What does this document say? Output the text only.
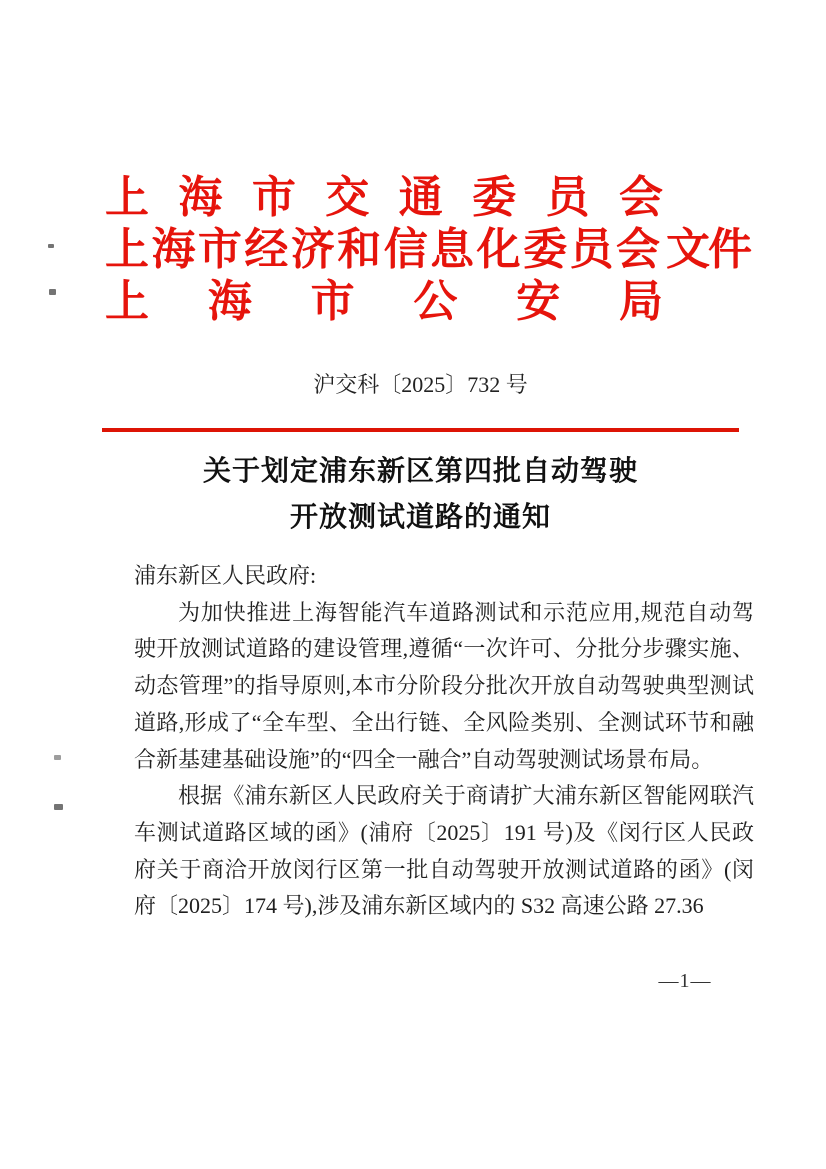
上 海 市 交 通 委 员 会
上 海 市 经 济 和 信 息 化 委 员 会 文件
上 海 市 公 安 局
沪交科〔2025〕732 号
关于划定浦东新区第四批自动驾驶
开放测试道路的通知

浦东新区人民政府:

为加快推进上海智能汽车道路测试和示范应用,规范自动驾驶开放测试道路的建设管理,遵循“一次许可、分批分步骤实施、动态管理”的指导原则,本市分阶段分批次开放自动驾驶典型测试道路,形成了“全车型、全出行链、全风险类别、全测试环节和融合新基建基础设施”的“四全一融合”自动驾驶测试场景布局。

根据《浦东新区人民政府关于商请扩大浦东新区智能网联汽车测试道路区域的函》(浦府〔2025〕191 号)及《闵行区人民政府关于商洽开放闵行区第一批自动驾驶开放测试道路的函》(闵府〔2025〕174 号),涉及浦东新区域内的 S32 高速公路 27.36

—1—
